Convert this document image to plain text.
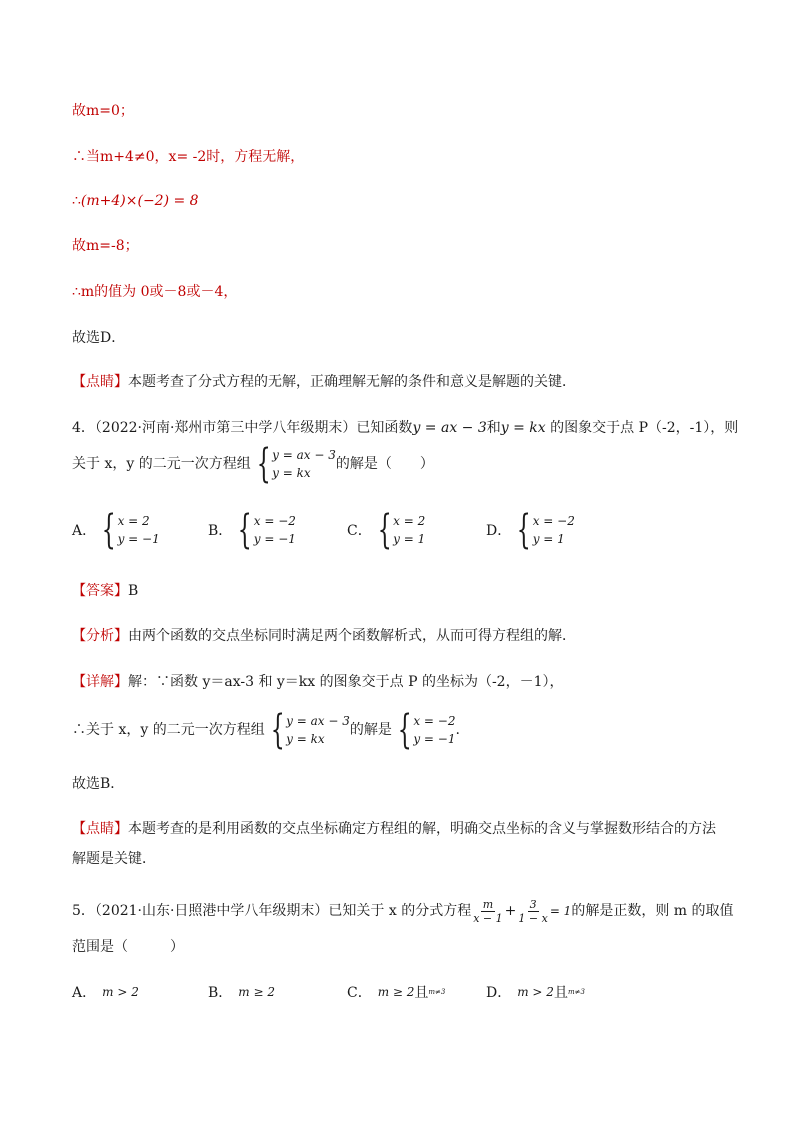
故m=0；
∴当m+4≠0，x= -2时，方程无解，
∴(m+4)×(−2) = 8
故m=-8；
∴m的值为 0或－8或－4，
故选D．
【点睛】本题考查了分式方程的无解，正确理解无解的条件和意义是解题的关键．
4．（2022·河南·郑州市第三中学八年级期末）已知函数y = ax − 3和y = kx 的图象交于点 P（-2，-1），则
关于 x，y 的二元一次方程组 { y = ax − 3
y = kx
的解是（　　）
A． { x = 2
y = −1	B． { x = −2
y = −1	C． { x = 2
y = 1	D． { x = −2
y = 1
【答案】B
【分析】由两个函数的交点坐标同时满足两个函数解析式，从而可得方程组的解．
【详解】解：∵函数 y＝ax-3 和 y＝kx 的图象交于点 P 的坐标为（-2，－1），
∴关于 x，y 的二元一次方程组 { y = ax − 3
y = kx
的解是 { x = −2
y = −1
.
故选B．
【点睛】本题考查的是利用函数的交点坐标确定方程组的解，明确交点坐标的含义与掌握数形结合的方法
解题是关键．
5．（2021·山东·日照港中学八年级期末）已知关于 x 的分式方程 $\frac{m}{x - 1} + \frac{3}{1 - x} = 1$的解是正数，则 m 的取值
范围是（　　　）
A． m > 2	B． m ≥ 2	C． m ≥ 2 且 m≠3	D． m > 2 且 m≠3
